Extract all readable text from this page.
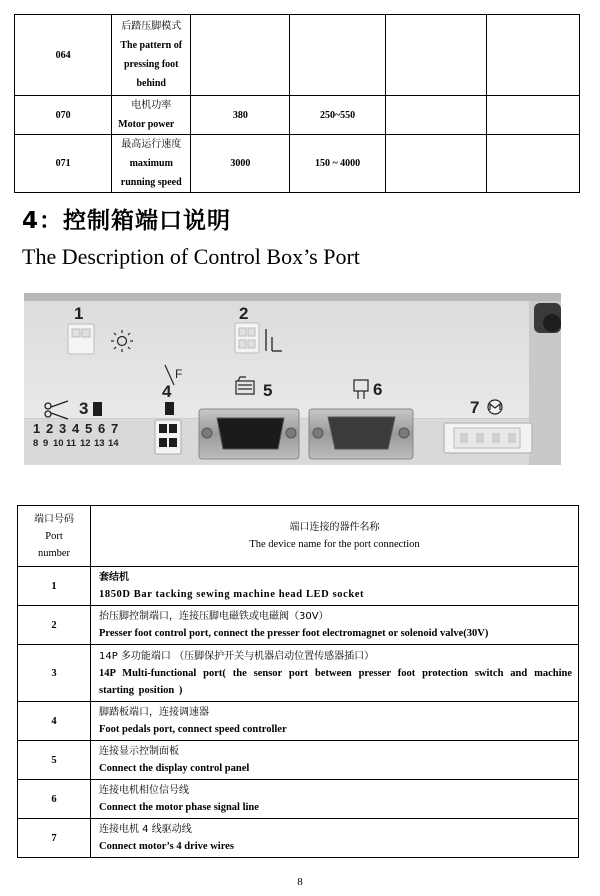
064	后踏压脚模式
The pattern of
pressing foot
behind				

070	电机功率
Motor power	380	250~550		
071	最高运行速度
maximum
running speed	3000	150 ~ 4000		
4：控制箱端口说明
The Description of Control Box’s Port
1	2
3
1 2 3 4 5 6 7
8 9 10 11 12 13 14
F
4	5	6
7
端口号码
Port
number	端口连接的器件名称
The device name for the port connection

1	套结机
1850D Bar tacking sewing machine head LED socket

2	抬压脚控制端口，连接压脚电磁铁或电磁阀（30V）
Presser foot control port, connect the presser foot electromagnet or solenoid valve(30V)

3	14P 多功能端口 （压脚保护开关与机器启动位置传感器插口）
14P Multi-functional port( the sensor port between presser foot protection switch and machine starting position )

4	脚踏板端口，连接调速器
Foot pedals port, connect speed controller

5	连接显示控制面板
Connect the display control panel

6	连接电机相位信号线
Connect the motor phase signal line

7	连接电机 4 线驱动线
Connect motor’s 4 drive wires
8
